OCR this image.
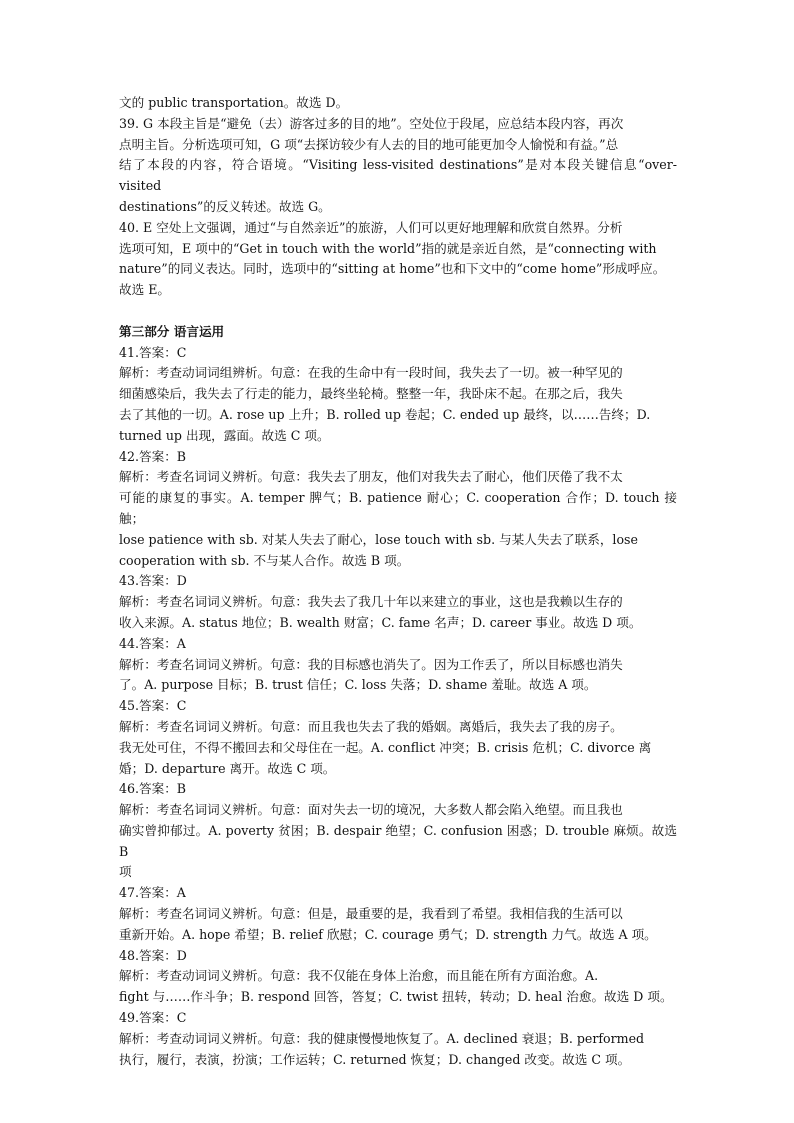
文的 public transportation。故选 D。

39. G 本段主旨是“避免（去）游客过多的目的地”。空处位于段尾，应总结本段内容，再次

点明主旨。分析选项可知，G 项“去探访较少有人去的目的地可能更加令人愉悦和有益。”总

结了本段的内容，符合语境。“Visiting less-visited destinations”是对本段关键信息“over-visited

destinations”的反义转述。故选 G。

40. E 空处上文强调，通过“与自然亲近”的旅游，人们可以更好地理解和欣赏自然界。分析

选项可知，E 项中的“Get in touch with the world”指的就是亲近自然，是“connecting with

nature”的同义表达。同时，选项中的“sitting at home”也和下文中的“come home”形成呼应。

故选 E。

第三部分 语言运用

41.答案：C

解析：考查动词词组辨析。句意：在我的生命中有一段时间，我失去了一切。被一种罕见的

细菌感染后，我失去了行走的能力，最终坐轮椅。整整一年，我卧床不起。在那之后，我失

去了其他的一切。A. rose up 上升；B. rolled up 卷起；C. ended up 最终，以……告终；D.

turned up 出现，露面。故选 C 项。

42.答案：B

解析：考查名词词义辨析。句意：我失去了朋友，他们对我失去了耐心，他们厌倦了我不太

可能的康复的事实。A. temper 脾气；B. patience 耐心；C. cooperation 合作；D. touch 接触；

lose patience with sb. 对某人失去了耐心，lose touch with sb. 与某人失去了联系，lose

cooperation with sb. 不与某人合作。故选 B 项。

43.答案：D

解析：考查名词词义辨析。句意：我失去了我几十年以来建立的事业，这也是我赖以生存的

收入来源。A. status 地位；B. wealth 财富；C. fame 名声；D. career 事业。故选 D 项。

44.答案：A

解析：考查名词词义辨析。句意：我的目标感也消失了。因为工作丢了，所以目标感也消失

了。A. purpose 目标；B. trust 信任；C. loss 失落；D. shame 羞耻。故选 A 项。

45.答案：C

解析：考查名词词义辨析。句意：而且我也失去了我的婚姻。离婚后，我失去了我的房子。

我无处可住，不得不搬回去和父母住在一起。A. conflict 冲突；B. crisis 危机；C. divorce 离

婚；D. departure 离开。故选 C 项。

46.答案：B

解析：考查名词词义辨析。句意：面对失去一切的境况，大多数人都会陷入绝望。而且我也

确实曾抑郁过。A. poverty 贫困；B. despair 绝望；C. confusion 困惑；D. trouble 麻烦。故选 B

项

47.答案：A

解析：考查名词词义辨析。句意：但是，最重要的是，我看到了希望。我相信我的生活可以

重新开始。A. hope 希望；B. relief 欣慰；C. courage 勇气；D. strength 力气。故选 A 项。

48.答案：D

解析：考查动词词义辨析。句意：我不仅能在身体上治愈，而且能在所有方面治愈。A.

fight 与……作斗争；B. respond 回答，答复；C. twist 扭转，转动；D. heal 治愈。故选 D 项。

49.答案：C

解析：考查动词词义辨析。句意：我的健康慢慢地恢复了。A. declined 衰退；B. performed

执行，履行，表演，扮演；工作运转；C. returned 恢复；D. changed 改变。故选 C 项。
